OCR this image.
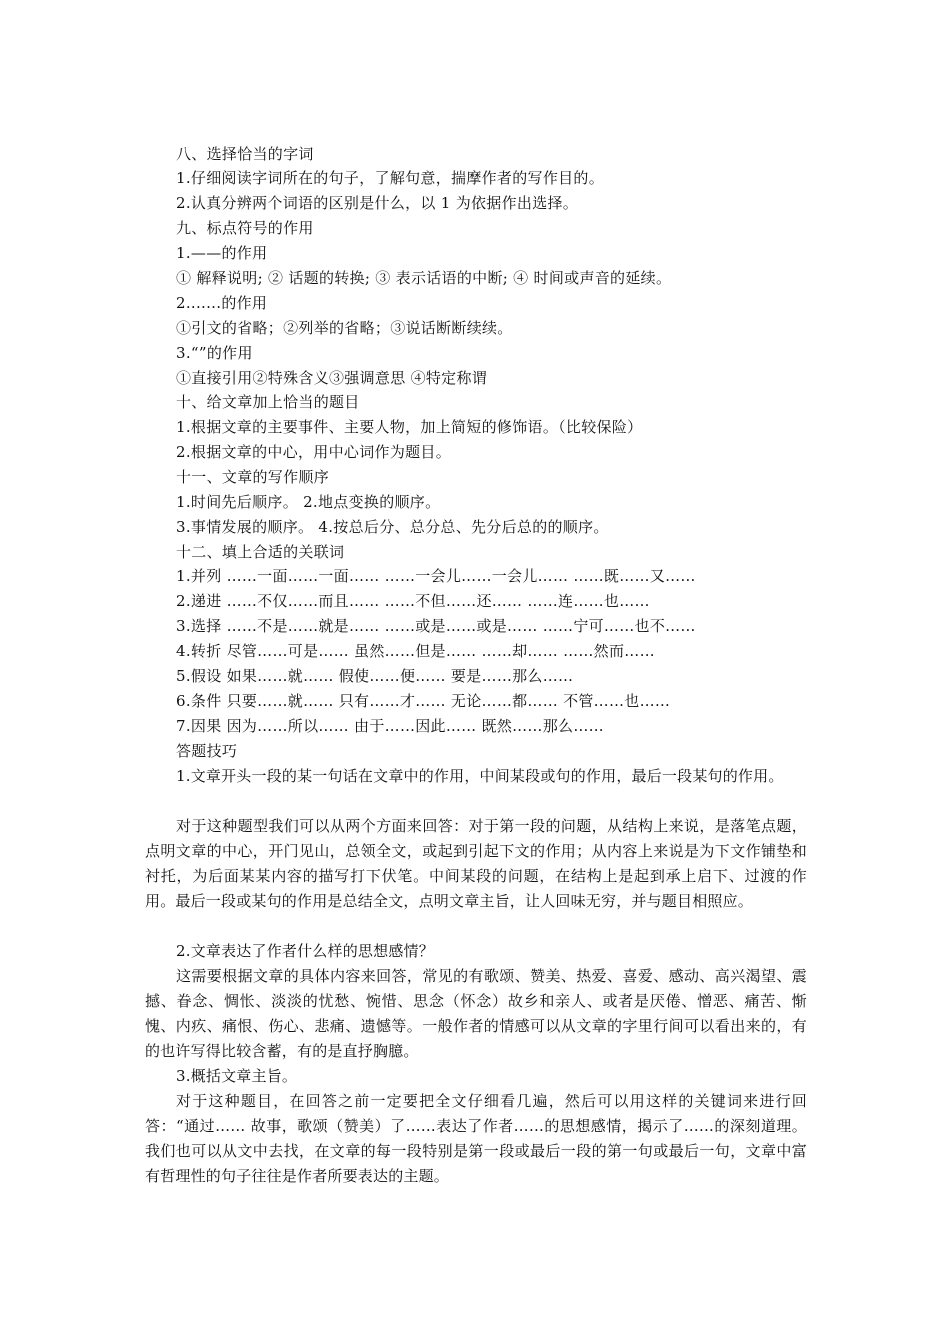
八、选择恰当的字词
1.仔细阅读字词所在的句子，了解句意，揣摩作者的写作目的。
2.认真分辨两个词语的区别是什么，以 1 为依据作出选择。
九、标点符号的作用
1.——的作用
① 解释说明; ② 话题的转换; ③ 表示话语的中断; ④ 时间或声音的延续。
2.......的作用
①引文的省略；②列举的省略；③说话断断续续。
3.“”的作用
①直接引用②特殊含义③强调意思 ④特定称谓
十、给文章加上恰当的题目
1.根据文章的主要事件、主要人物，加上简短的修饰语。（比较保险）
2.根据文章的中心，用中心词作为题目。
十一、文章的写作顺序
1.时间先后顺序。 2.地点变换的顺序。
3.事情发展的顺序。 4.按总后分、总分总、先分后总的的顺序。
十二、填上合适的关联词
1.并列 ……一面……一面…… ……一会儿……一会儿…… ……既……又……
2.递进 ……不仅……而且…… ……不但……还…… ……连……也……
3.选择 ……不是……就是…… ……或是……或是…… ……宁可……也不……
4.转折 尽管……可是…… 虽然……但是…… ……却…… ……然而……
5.假设 如果……就…… 假使……便…… 要是……那么……
6.条件 只要……就…… 只有……才…… 无论……都…… 不管……也……
7.因果 因为……所以…… 由于……因此…… 既然……那么……
答题技巧
1.文章开头一段的某一句话在文章中的作用，中间某段或句的作用，最后一段某句的作用。
对于这种题型我们可以从两个方面来回答：对于第一段的问题，从结构上来说，是落笔点题，点明文章的中心，开门见山，总领全文，或起到引起下文的作用；从内容上来说是为下文作铺垫和衬托，为后面某某内容的描写打下伏笔。中间某段的问题，在结构上是起到承上启下、过渡的作用。最后一段或某句的作用是总结全文，点明文章主旨，让人回味无穷，并与题目相照应。
2.文章表达了作者什么样的思想感情？
这需要根据文章的具体内容来回答，常见的有歌颂、赞美、热爱、喜爱、感动、高兴渴望、震撼、眷念、惆怅、淡淡的忧愁、惋惜、思念（怀念）故乡和亲人、或者是厌倦、憎恶、痛苦、惭愧、内疚、痛恨、伤心、悲痛、遗憾等。一般作者的情感可以从文章的字里行间可以看出来的，有的也许写得比较含蓄，有的是直抒胸臆。
3.概括文章主旨。
对于这种题目，在回答之前一定要把全文仔细看几遍，然后可以用这样的关键词来进行回答：“通过…… 故事，歌颂（赞美）了……表达了作者……的思想感情，揭示了……的深刻道理。我们也可以从文中去找，在文章的每一段特别是第一段或最后一段的第一句或最后一句，文章中富有哲理性的句子往往是作者所要表达的主题。
